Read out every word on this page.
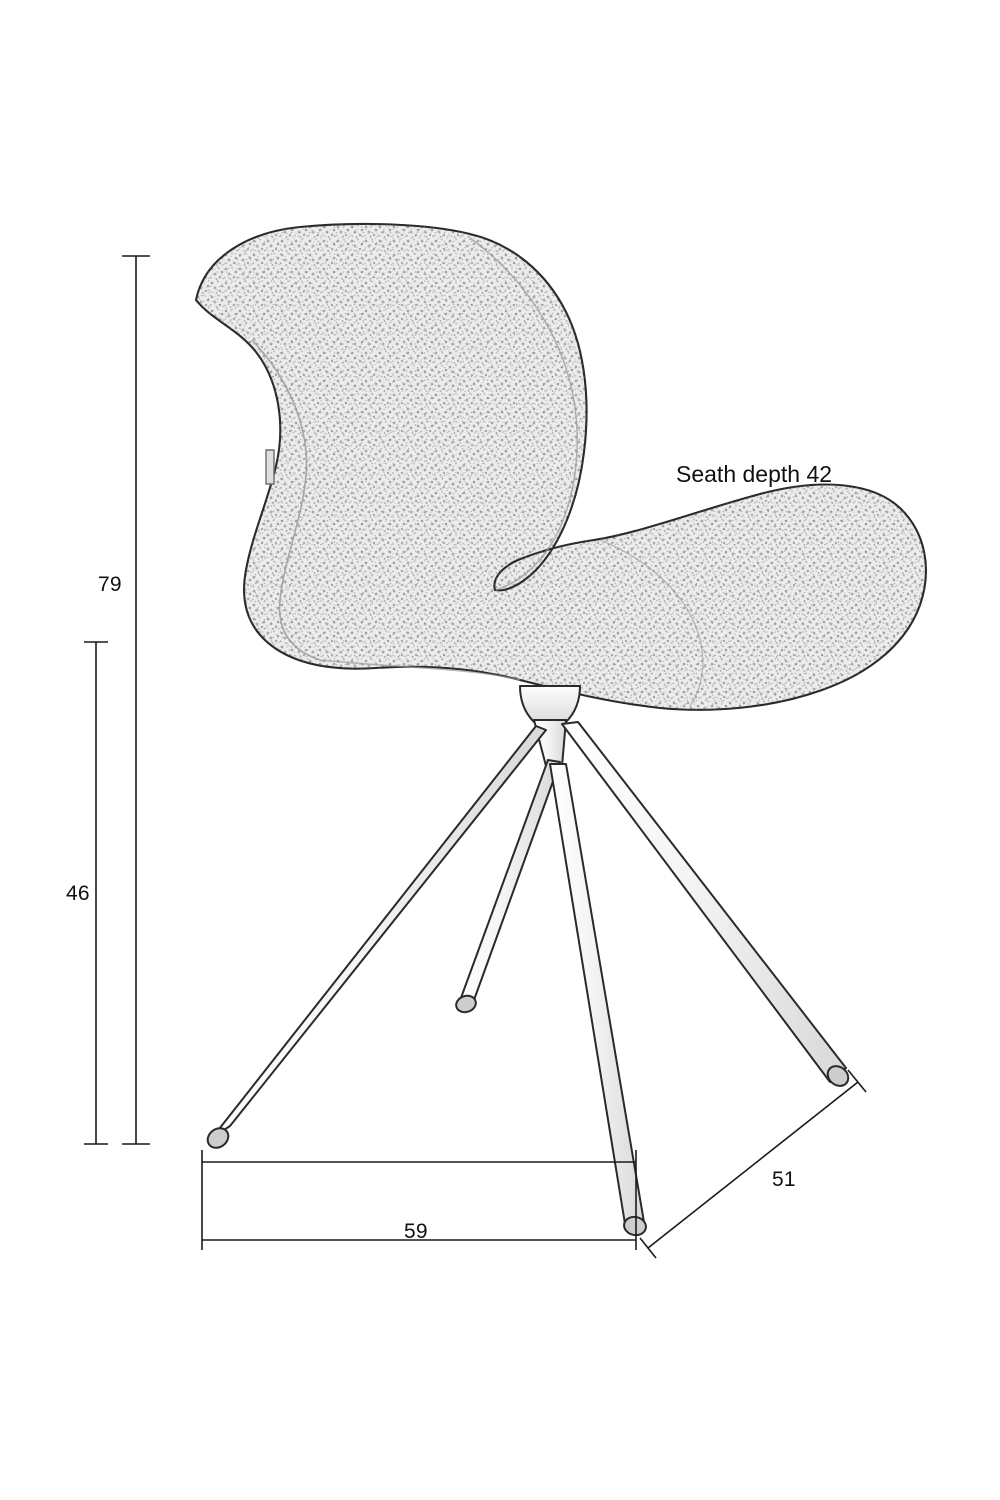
79
46
59
51
Seath depth 42
